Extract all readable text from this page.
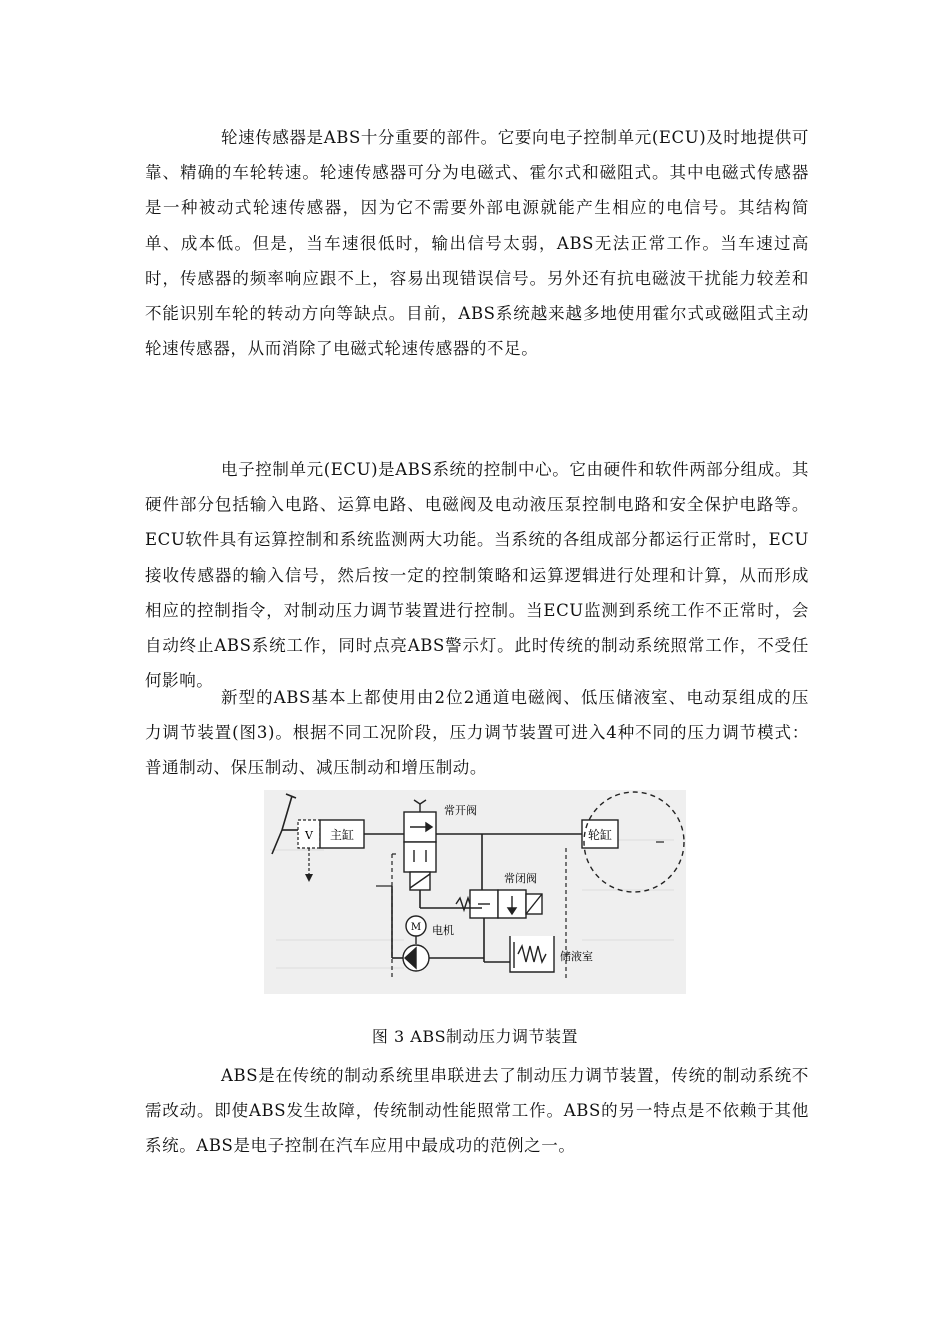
轮速传感器是ABS十分重要的部件。它要向电子控制单元(ECU)及时地提供可靠、精确的车轮转速。轮速传感器可分为电磁式、霍尔式和磁阻式。其中电磁式传感器是一种被动式轮速传感器，因为它不需要外部电源就能产生相应的电信号。其结构简单、成本低。但是，当车速很低时，输出信号太弱，ABS无法正常工作。当车速过高时，传感器的频率响应跟不上，容易出现错误信号。另外还有抗电磁波干扰能力较差和不能识别车轮的转动方向等缺点。目前，ABS系统越来越多地使用霍尔式或磁阻式主动轮速传感器，从而消除了电磁式轮速传感器的不足。

电子控制单元(ECU)是ABS系统的控制中心。它由硬件和软件两部分组成。其硬件部分包括输入电路、运算电路、电磁阀及电动液压泵控制电路和安全保护电路等。ECU软件具有运算控制和系统监测两大功能。当系统的各组成部分都运行正常时，ECU接收传感器的输入信号，然后按一定的控制策略和运算逻辑进行处理和计算，从而形成相应的控制指令，对制动压力调节装置进行控制。当ECU监测到系统工作不正常时，会自动终止ABS系统工作，同时点亮ABS警示灯。此时传统的制动系统照常工作，不受任何影响。

新型的ABS基本上都使用由2位2通道电磁阀、低压储液室、电动泵组成的压力调节装置(图3)。根据不同工况阶段，压力调节装置可进入4种不同的压力调节模式：普通制动、保压制动、减压制动和增压制动。

V 主缸
常开阀
常闭阀
储液室
M 电机
轮缸
图 3 ABS制动压力调节装置

ABS是在传统的制动系统里串联进去了制动压力调节装置，传统的制动系统不需改动。即使ABS发生故障，传统制动性能照常工作。ABS的另一特点是不依赖于其他系统。ABS是电子控制在汽车应用中最成功的范例之一。
